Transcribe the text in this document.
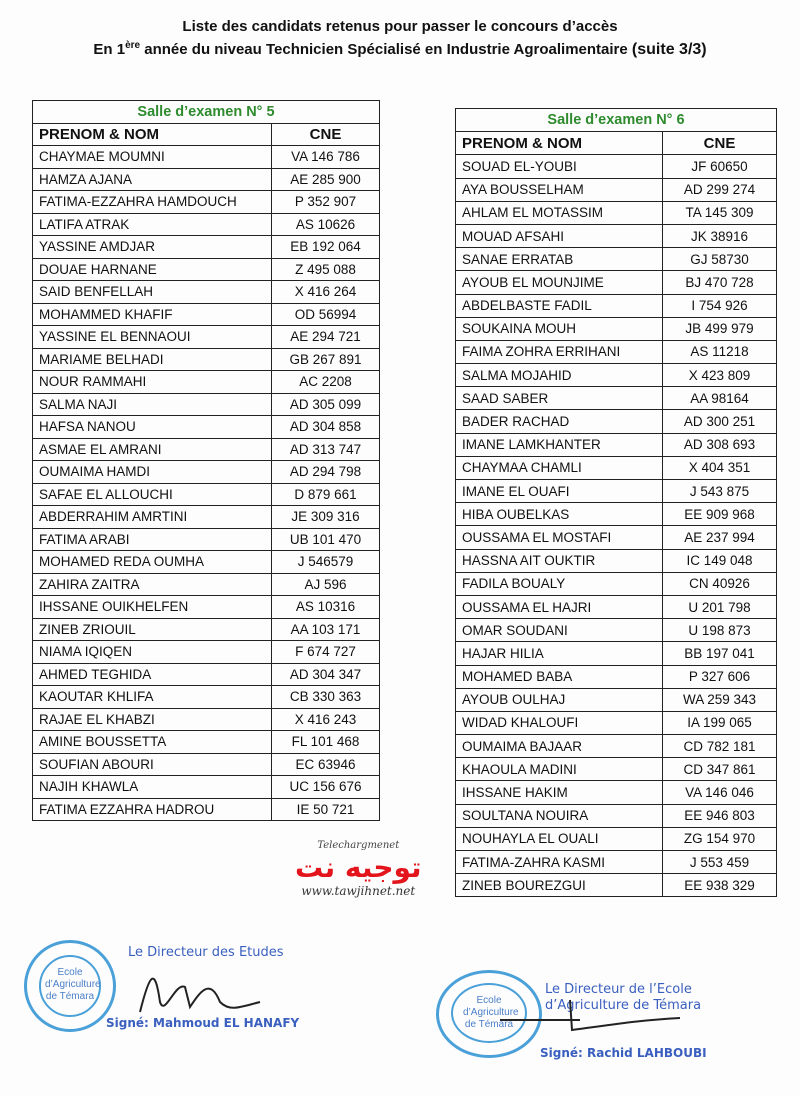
Liste des candidats retenus pour passer le concours d’accès
En 1ère année du niveau Technicien Spécialisé en Industrie Agroalimentaire (suite 3/3)
Salle d’examen N° 5	
PRENOM & NOM	CNE
CHAYMAE MOUMNI	VA 146 786
HAMZA AJANA	AE 285 900
FATIMA-EZZAHRA HAMDOUCH	P 352 907
LATIFA ATRAK	AS 10626
YASSINE AMDJAR	EB 192 064
DOUAE HARNANE	Z 495 088
SAID BENFELLAH	X 416 264
MOHAMMED KHAFIF	OD 56994
YASSINE EL BENNAOUI	AE 294 721
MARIAME BELHADI	GB 267 891
NOUR RAMMAHI	AC 2208
SALMA NAJI	AD 305 099
HAFSA NANOU	AD 304 858
ASMAE EL AMRANI	AD 313 747
OUMAIMA HAMDI	AD 294 798
SAFAE EL ALLOUCHI	D 879 661
ABDERRAHIM AMRTINI	JE 309 316
FATIMA ARABI	UB 101 470
MOHAMED REDA OUMHA	J 546579
ZAHIRA ZAITRA	AJ 596
IHSSANE OUIKHELFEN	AS 10316
ZINEB ZRIOUIL	AA 103 171
NIAMA IQIQEN	F 674 727
AHMED TEGHIDA	AD 304 347
KAOUTAR KHLIFA	CB 330 363
RAJAE EL KHABZI	X 416 243
AMINE BOUSSETTA	FL 101 468
SOUFIAN ABOURI	EC 63946
NAJIH KHAWLA	UC 156 676
FATIMA EZZAHRA HADROU	IE 50 721
Salle d’examen N° 6	
PRENOM & NOM	CNE
SOUAD EL-YOUBI	JF 60650
AYA BOUSSELHAM	AD 299 274
AHLAM EL MOTASSIM	TA 145 309
MOUAD AFSAHI	JK 38916
SANAE ERRATAB	GJ 58730
AYOUB EL MOUNJIME	BJ 470 728
ABDELBASTE FADIL	I 754 926
SOUKAINA MOUH	JB 499 979
FAIMA ZOHRA ERRIHANI	AS 11218
SALMA MOJAHID	X 423 809
SAAD SABER	AA 98164
BADER RACHAD	AD 300 251
IMANE LAMKHANTER	AD 308 693
CHAYMAA CHAMLI	X 404 351
IMANE EL OUAFI	J 543 875
HIBA OUBELKAS	EE 909 968
OUSSAMA EL MOSTAFI	AE 237 994
HASSNA AIT OUKTIR	IC 149 048
FADILA BOUALY	CN 40926
OUSSAMA EL HAJRI	U 201 798
OMAR SOUDANI	U 198 873
HAJAR HILIA	BB 197 041
MOHAMED BABA	P 327 606
AYOUB OULHAJ	WA 259 343
WIDAD KHALOUFI	IA 199 065
OUMAIMA BAJAAR	CD 782 181
KHAOULA MADINI	CD 347 861
IHSSANE HAKIM	VA 146 046
SOULTANA NOUIRA	EE 946 803
NOUHAYLA EL OUALI	ZG 154 970
FATIMA-ZAHRA KASMI	J 553 459
ZINEB BOUREZGUI	EE 938 329
Telechargmenet
توجيه نت
www.tawjihnet.net
Ecole d’Agriculture de Témara
Le Directeur des Etudes
Signé: Mahmoud EL HANAFY
Ecole d’Agriculture de Témara
Le Directeur de l’Ecole d’Agriculture de Témara
Signé: Rachid LAHBOUBI
